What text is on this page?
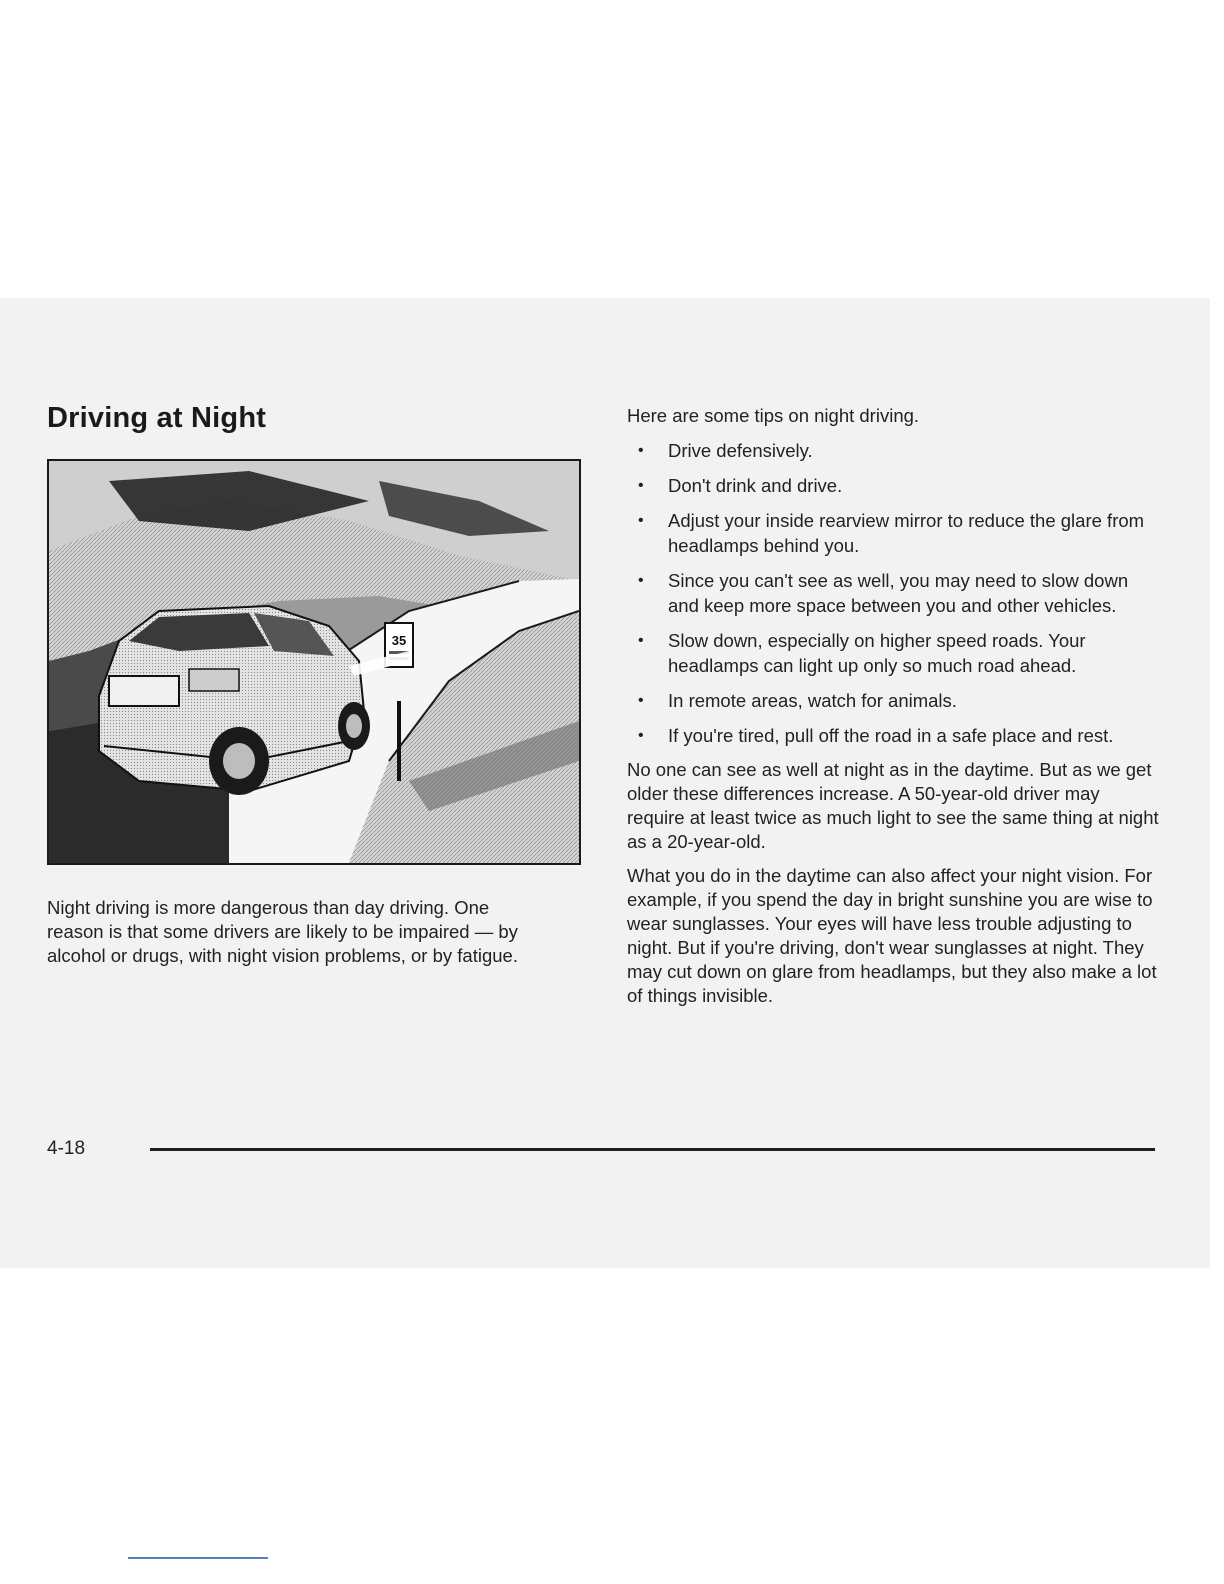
Driving at Night
35

Night driving is more dangerous than day driving. One reason is that some drivers are likely to be impaired — by alcohol or drugs, with night vision problems, or by fatigue.

Here are some tips on night driving.

• Drive defensively.
• Don't drink and drive.
• Adjust your inside rearview mirror to reduce the glare from headlamps behind you.
• Since you can't see as well, you may need to slow down and keep more space between you and other vehicles.
• Slow down, especially on higher speed roads. Your headlamps can light up only so much road ahead.
• In remote areas, watch for animals.
• If you're tired, pull off the road in a safe place and rest.

No one can see as well at night as in the daytime. But as we get older these differences increase. A 50-year-old driver may require at least twice as much light to see the same thing at night as a 20-year-old.

What you do in the daytime can also affect your night vision. For example, if you spend the day in bright sunshine you are wise to wear sunglasses. Your eyes will have less trouble adjusting to night. But if you're driving, don't wear sunglasses at night. They may cut down on glare from headlamps, but they also make a lot of things invisible.

4-18
